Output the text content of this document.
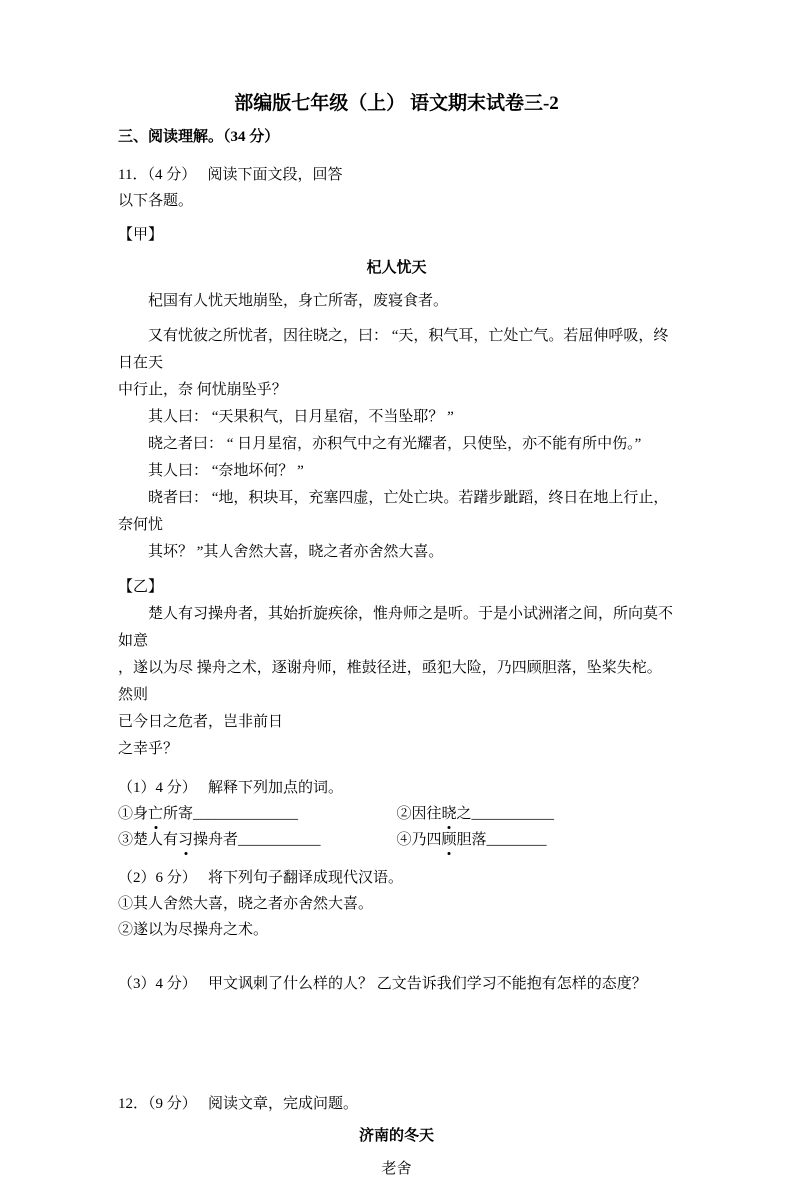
部编版七年级（上） 语文期末试卷三-2
三、阅读理解。（34 分）
11．（4 分）　 阅读下面文段，回答
以下各题。
【甲】
杞人忧天
杞国有人忧天地崩坠，身亡所寄，废寝食者。
又有忧彼之所忧者，因往晓之，曰： “天，积气耳，亡处亡气。若屈伸呼吸，终日在天
中行止，奈 何忧崩坠乎？
其人曰： “天果积气，日月星宿，不当坠耶？ ”
晓之者曰： “ 日月星宿，亦积气中之有光耀者，只使坠，亦不能有所中伤。”
其人曰： “奈地坏何？ ”
晓者曰： “地，积块耳，充塞四虚，亡处亡块。若躇步跐蹈，终日在地上行止，奈何忧
其坏？ ”其人舍然大喜，晓之者亦舍然大喜。
【乙】
楚人有习操舟者，其始折旋疾徐，惟舟师之是听。于是小试洲渚之间，所向莫不如意
，遂以为尽 操舟之术，逐谢舟师，椎鼓径进，亟犯大险，乃四顾胆落，坠桨失柁。然则
已今日之危者，岂非前日
之幸乎？
（1）4 分）　 解释下列加点的词。
①身亡所寄______________	②因往晓之___________
③楚人有习操舟者___________	④乃四顾胆落________
（2）6 分）　 将下列句子翻译成现代汉语。
①其人舍然大喜，晓之者亦舍然大喜。
②遂以为尽操舟之术。
（3）4 分）　 甲文讽刺了什么样的人？ 乙文告诉我们学习不能抱有怎样的态度？
12．（9 分）　 阅读文章，完成问题。
济南的冬天
老舍
